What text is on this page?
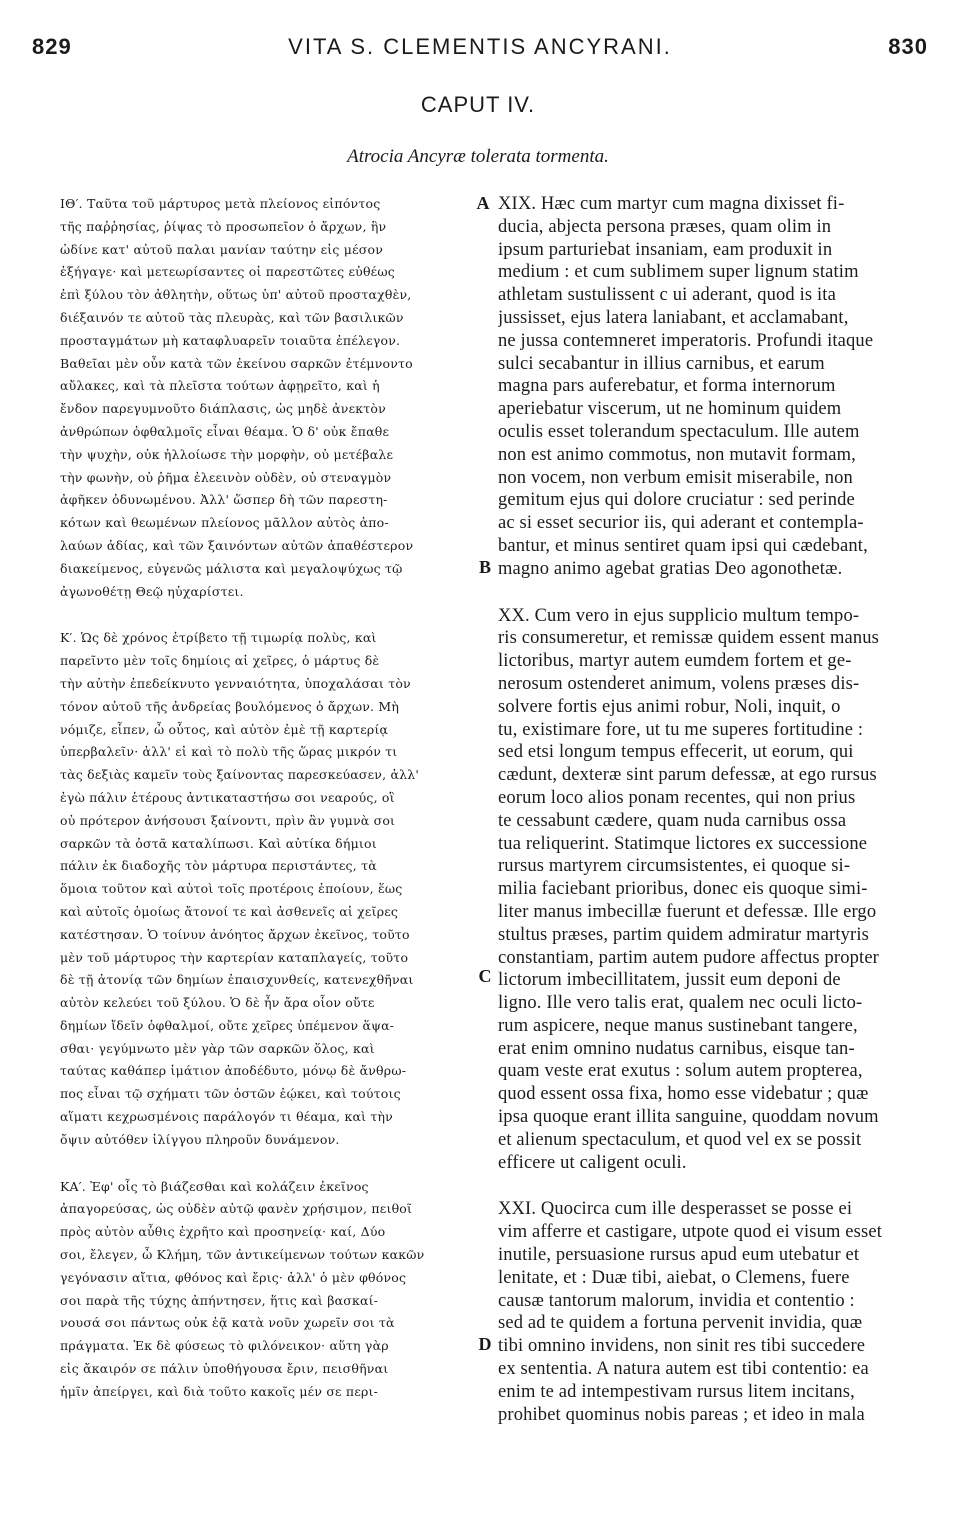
829	VITA S. CLEMENTIS ANCYRANI.	830
CAPUT IV.
Atrocia Ancyræ tolerata tormenta.
ΙΘ′. Ταῦτα τοῦ μάρτυρος μετὰ πλείονος εἰπόντος
τῆς παῤῥησίας, ῥίψας τὸ προσωπεῖον ὁ ἄρχων, ἣν
ὠδίνε κατ' αὐτοῦ παλαι μανίαν ταύτην εἰς μέσον
ἐξήγαγε· καὶ μετεωρίσαντες οἱ παρεστῶτες εὐθέως
ἐπὶ ξύλου τὸν ἀθλητὴν, οὕτως ὑπ' αὐτοῦ προσταχθὲν,
διέξαινόν τε αὐτοῦ τὰς πλευρὰς, καὶ τῶν βασιλικῶν
προσταγμάτων μὴ καταφλυαρεῖν τοιαῦτα ἐπέλεγον.
Βαθεῖαι μὲν οὖν κατὰ τῶν ἐκείνου σαρκῶν ἐτέμνοντο
αὔλακες, καὶ τὰ πλεῖστα τούτων ἀφῃρεῖτο, καὶ ἡ
ἔνδον παρεγυμνοῦτο διάπλασις, ὡς μηδὲ ἀνεκτὸν
ἀνθρώπων ὀφθαλμοῖς εἶναι θέαμα. Ὁ δ' οὐκ ἔπαθε
τὴν ψυχὴν, οὐκ ἠλλοίωσε τὴν μορφὴν, οὐ μετέβαλε
τὴν φωνὴν, οὐ ῥῆμα ἐλεεινὸν οὐδὲν, οὐ στεναγμὸν
ἀφῆκεν ὀδυνωμένου. Ἀλλ' ὥσπερ δὴ τῶν παρεστη-
κότων καὶ θεωμένων πλείονος μᾶλλον αὐτὸς ἀπο-
λαύων ἀδίας, καὶ τῶν ξαινόντων αὐτῶν ἀπαθέστερον
διακείμενος, εὐγενῶς μάλιστα καὶ μεγαλοψύχως τῷ
ἀγωνοθέτῃ Θεῷ ηὐχαρίστει.
Κ′. Ὡς δὲ χρόνος ἐτρίβετο τῇ τιμωρίᾳ πολὺς, καὶ
παρεῖντο μὲν τοῖς δημίοις αἱ χεῖρες, ὁ μάρτυς δὲ
τὴν αὐτὴν ἐπεδείκνυτο γενναιότητα, ὑποχαλάσαι τὸν
τόνον αὐτοῦ τῆς ἀνδρείας βουλόμενος ὁ ἄρχων. Μὴ
νόμιζε, εἶπεν, ὦ οὗτος, καὶ αὐτὸν ἐμὲ τῇ καρτερίᾳ
ὑπερβαλεῖν· ἀλλ' εἰ καὶ τὸ πολὺ τῆς ὥρας μικρόν τι
τὰς δεξιὰς καμεῖν τοὺς ξαίνοντας παρεσκεύασεν, ἀλλ'
ἐγὼ πάλιν ἑτέρους ἀντικαταστήσω σοι νεαρούς, οἳ
οὐ πρότερον ἀνήσουσι ξαίνοντι, πρὶν ἂν γυμνὰ σοι
σαρκῶν τὰ ὀστᾶ καταλίπωσι. Καὶ αὐτίκα δήμιοι
πάλιν ἐκ διαδοχῆς τὸν μάρτυρα περιστάντες, τὰ
ὅμοια τοῦτον καὶ αὐτοὶ τοῖς προτέροις ἐποίουν, ἕως
καὶ αὐτοῖς ὁμοίως ἄτονοί τε καὶ ἀσθενεῖς αἱ χεῖρες
κατέστησαν. Ὁ τοίνυν ἀνόητος ἄρχων ἐκεῖνος, τοῦτο
μὲν τοῦ μάρτυρος τὴν καρτερίαν καταπλαγείς, τοῦτο
δὲ τῇ ἀτονίᾳ τῶν δημίων ἐπαισχυνθείς, κατενεχθῆναι
αὐτὸν κελεύει τοῦ ξύλου. Ὁ δὲ ἦν ἄρα οἷον οὔτε
δημίων ἴδεῖν ὀφθαλμοί, οὔτε χεῖρες ὑπέμενον ἅψα-
σθαι· γεγύμνωτο μὲν γὰρ τῶν σαρκῶν ὅλος, καὶ
ταύτας καθάπερ ἱμάτιον ἀποδέδυτο, μόνῳ δὲ ἄνθρω-
πος εἶναι τῷ σχήματι τῶν ὀστῶν ἐῴκει, καὶ τούτοις
αἵματι κεχρωσμένοις παράλογόν τι θέαμα, καὶ τὴν
ὄψιν αὐτόθεν ἰλίγγου πληροῦν δυνάμενον.
ΚΑ′. Ἐφ' οἷς τὸ βιάζεσθαι καὶ κολάζειν ἐκεῖνος
ἀπαγορεύσας, ὡς οὐδὲν αὐτῷ φανὲν χρήσιμον, πειθοῖ
πρὸς αὐτὸν αὖθις ἐχρῆτο καὶ προσηνείᾳ· καί, Δύο
σοι, ἔλεγεν, ὦ Κλήμη, τῶν ἀντικείμενων τούτων κακῶν
γεγόνασιν αἴτια, φθόνος καὶ ἔρις· ἀλλ' ὁ μὲν φθόνος
σοι παρὰ τῆς τύχης ἀπήντησεν, ἥτις καὶ βασκαί-
νουσά σοι πάντως οὐκ ἐᾷ κατὰ νοῦν χωρεῖν σοι τὰ
πράγματα. Ἐκ δὲ φύσεως τὸ φιλόνεικον· αὕτη γὰρ
εἰς ἄκαιρόν σε πάλιν ὑποθήγουσα ἔριν, πεισθῆναι
ἡμῖν ἀπείργει, καὶ διὰ τοῦτο κακοῖς μέν σε περι-
XIX. Hæc cum martyr cum magna dixisset fi-
ducia, abjecta persona præses, quam olim in
ipsum parturiebat insaniam, eam produxit in
medium : et cum sublimem super lignum statim
athletam sustulissent c ui aderant, quod is ita
jussisset, ejus latera laniabant, et acclamabant,
ne jussa contemneret imperatoris. Profundi itaque
sulci secabantur in illius carnibus, et earum
magna pars auferebatur, et forma internorum
aperiebatur viscerum, ut ne hominum quidem
oculis esset tolerandum spectaculum. Ille autem
non est animo commotus, non mutavit formam,
non vocem, non verbum emisit miserabile, non
gemitum ejus qui dolore cruciatur : sed perinde
ac si esset securior iis, qui aderant et contempla-
bantur, et minus sentiret quam ipsi qui cædebant,
magno animo agebat gratias Deo agonothetæ.
XX. Cum vero in ejus supplicio multum tempo-
ris consumeretur, et remissæ quidem essent manus
lictoribus, martyr autem eumdem fortem et ge-
nerosum ostenderet animum, volens præses dis-
solvere fortis ejus animi robur, Noli, inquit, o
tu, existimare fore, ut tu me superes fortitudine :
sed etsi longum tempus effecerit, ut eorum, qui
cædunt, dexteræ sint parum defessæ, at ego rursus
eorum loco alios ponam recentes, qui non prius
te cessabunt cædere, quam nuda carnibus ossa
tua reliquerint. Statimque lictores ex successione
rursus martyrem circumsistentes, ei quoque si-
milia faciebant prioribus, donec eis quoque simi-
liter manus imbecillæ fuerunt et defessæ. Ille ergo
stultus præses, partim quidem admiratur martyris
constantiam, partim autem pudore affectus propter
lictorum imbecillitatem, jussit eum deponi de
ligno. Ille vero talis erat, qualem nec oculi licto-
rum aspicere, neque manus sustinebant tangere,
erat enim omnino nudatus carnibus, eisque tan-
quam veste erat exutus : solum autem propterea,
quod essent ossa fixa, homo esse videbatur ; quæ
ipsa quoque erant illita sanguine, quoddam novum
et alienum spectaculum, et quod vel ex se possit
efficere ut caligent oculi.
XXI. Quocirca cum ille desperasset se posse ei
vim afferre et castigare, utpote quod ei visum esset
inutile, persuasione rursus apud eum utebatur et
lenitate, et : Duæ tibi, aiebat, o Clemens, fuere
causæ tantorum malorum, invidia et contentio :
sed ad te quidem a fortuna pervenit invidia, quæ
tibi omnino invidens, non sinit res tibi succedere
ex sententia. A natura autem est tibi contentio: ea
enim te ad intempestivam rursus litem incitans,
prohibet quominus nobis pareas ; et ideo in mala
A
B
C
D
